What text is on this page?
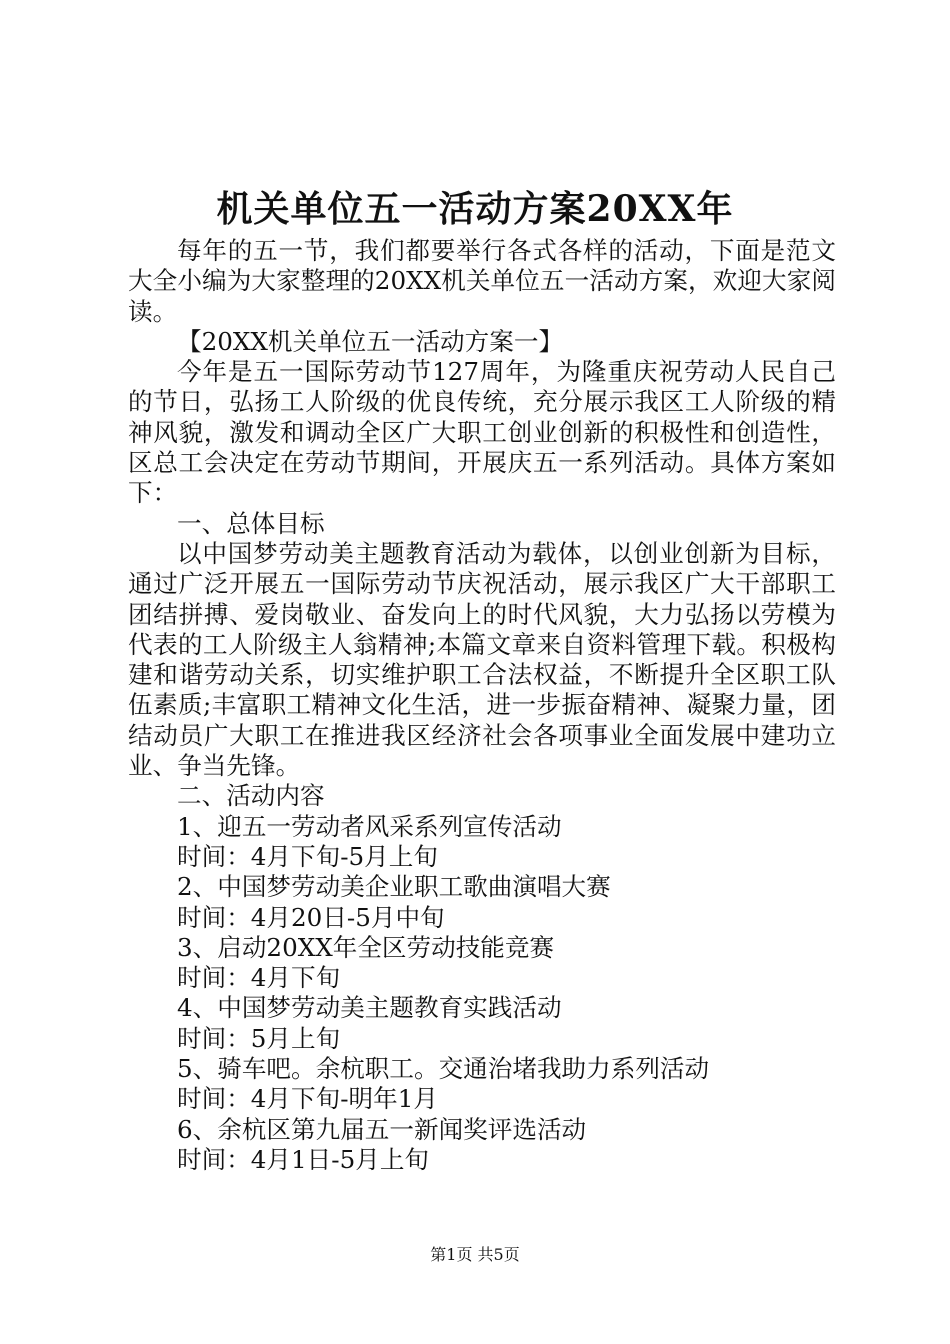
机关单位五一活动方案20XX年

每年的五一节，我们都要举行各式各样的活动，下面是范文大全小编为大家整理的20XX机关单位五一活动方案，欢迎大家阅读。

【20XX机关单位五一活动方案一】

今年是五一国际劳动节127周年，为隆重庆祝劳动人民自己的节日，弘扬工人阶级的优良传统，充分展示我区工人阶级的精神风貌，激发和调动全区广大职工创业创新的积极性和创造性，区总工会决定在劳动节期间，开展庆五一系列活动。具体方案如下：

一、总体目标

以中国梦劳动美主题教育活动为载体，以创业创新为目标，通过广泛开展五一国际劳动节庆祝活动，展示我区广大干部职工团结拼搏、爱岗敬业、奋发向上的时代风貌，大力弘扬以劳模为代表的工人阶级主人翁精神;本篇文章来自资料管理下载。积极构建和谐劳动关系，切实维护职工合法权益，不断提升全区职工队伍素质;丰富职工精神文化生活，进一步振奋精神、凝聚力量，团结动员广大职工在推进我区经济社会各项事业全面发展中建功立业、争当先锋。

二、活动内容

1、迎五一劳动者风采系列宣传活动

时间：4月下旬-5月上旬

2、中国梦劳动美企业职工歌曲演唱大赛

时间：4月20日-5月中旬

3、启动20XX年全区劳动技能竞赛

时间：4月下旬

4、中国梦劳动美主题教育实践活动

时间：5月上旬

5、骑车吧。余杭职工。交通治堵我助力系列活动

时间：4月下旬-明年1月

6、余杭区第九届五一新闻奖评选活动

时间：4月1日-5月上旬

第1页 共5页
